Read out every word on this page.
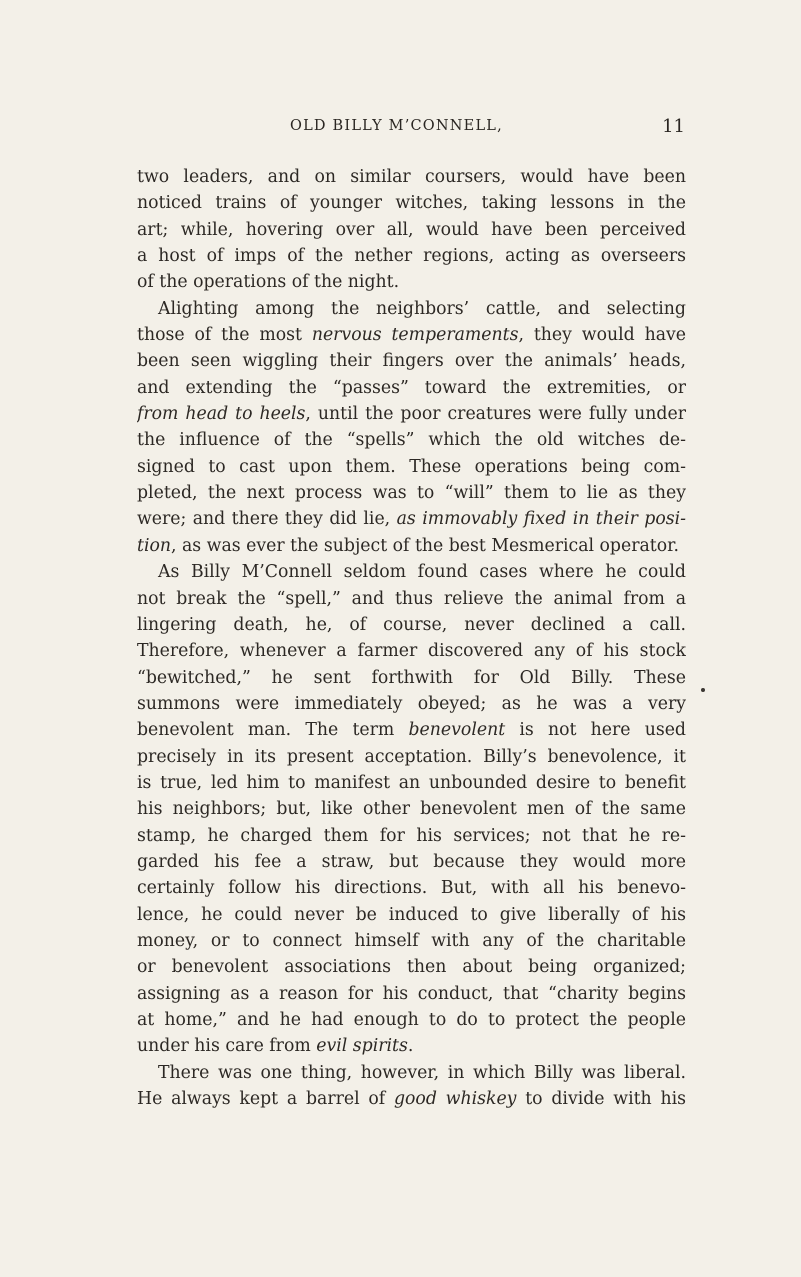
OLD BILLY M’CONNELL,	11
two leaders, and on similar coursers, would have been
noticed trains of younger witches, taking lessons in the
art; while, hovering over all, would have been perceived
a host of imps of the nether regions, acting as overseers
of the operations of the night.
Alighting among the neighbors’ cattle, and selecting
those of the most nervous temperaments, they would have
been seen wiggling their fingers over the animals’ heads,
and extending the “passes” toward the extremities, or
from head to heels, until the poor creatures were fully under
the influence of the “spells” which the old witches de-
signed to cast upon them. These operations being com-
pleted, the next process was to “will” them to lie as they
were; and there they did lie, as immovably fixed in their posi-
tion, as was ever the subject of the best Mesmerical operator.
As Billy M’Connell seldom found cases where he could
not break the “spell,” and thus relieve the animal from a
lingering death, he, of course, never declined a call.
Therefore, whenever a farmer discovered any of his stock
“bewitched,” he sent forthwith for Old Billy. These
summons were immediately obeyed; as he was a very
benevolent man. The term benevolent is not here used
precisely in its present acceptation. Billy’s benevolence, it
is true, led him to manifest an unbounded desire to benefit
his neighbors; but, like other benevolent men of the same
stamp, he charged them for his services; not that he re-
garded his fee a straw, but because they would more
certainly follow his directions. But, with all his benevo-
lence, he could never be induced to give liberally of his
money, or to connect himself with any of the charitable
or benevolent associations then about being organized;
assigning as a reason for his conduct, that “charity begins
at home,” and he had enough to do to protect the people
under his care from evil spirits.
There was one thing, however, in which Billy was liberal.
He always kept a barrel of good whiskey to divide with his
